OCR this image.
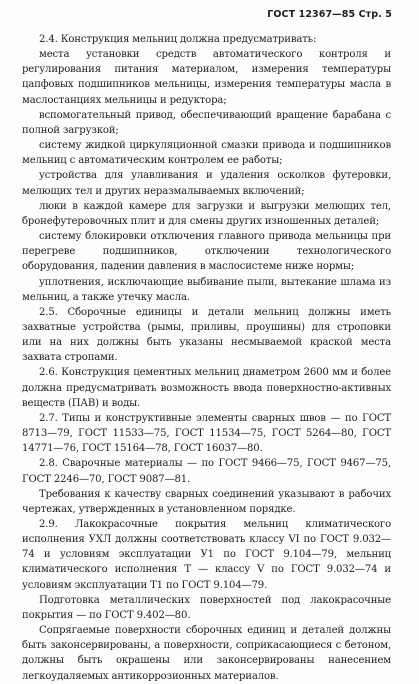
ГОСТ 12367—85 Стр. 5

2.4. Конструкция мельниц должна предусматривать:

места установки средств автоматического контроля и регулирования питания материалом, измерения температуры цапфовых подшипников мельницы, измерения температуры масла в маслостанциях мельницы и редуктора;

вспомогательный привод, обеспечивающий вращение барабана с полной загрузкой;

систему жидкой циркуляционной смазки привода и подшипников мельниц с автоматическим контролем ее работы;

устройства для улавливания и удаления осколков футеровки, мелющих тел и других неразмалываемых включений;

люки в каждой камере для загрузки и выгрузки мелющих тел, бронефутеровочных плит и для смены других изношенных деталей;

систему блокировки отключения главного привода мельницы при перегреве подшипников, отключении технологического оборудования, падении давления в маслосистеме ниже нормы;

уплотнения, исключающие выбивание пыли, вытекание шлама из мельниц, а также утечку масла.

2.5. Сборочные единицы и детали мельниц должны иметь захватные устройства (рымы, приливы, проушины) для строповки или на них должны быть указаны несмываемой краской места захвата стропами.

2.6. Конструкция цементных мельниц диаметром 2600 мм и более должна предусматривать возможность ввода поверхностно-активных веществ (ПАВ) и воды.

2.7. Типы и конструктивные элементы сварных швов — по ГОСТ 8713—79, ГОСТ 11533—75, ГОСТ 11534—75, ГОСТ 5264—80, ГОСТ 14771—76, ГОСТ 15164—78, ГОСТ 16037—80.

2.8. Сварочные материалы — по ГОСТ 9466—75, ГОСТ 9467—75, ГОСТ 2246—70, ГОСТ 9087—81.

Требования к качеству сварных соединений указывают в рабочих чертежах, утвержденных в установленном порядке.

2.9. Лакокрасочные покрытия мельниц климатического исполнения УХЛ должны соответствовать классу VI по ГОСТ 9.032—74 и условиям эксплуатации У1 по ГОСТ 9.104—79, мельниц климатического исполнения Т — классу V по ГОСТ 9.032—74 и условиям эксплуатации Т1 по ГОСТ 9.104—79.

Подготовка металлических поверхностей под лакокрасочные покрытия — по ГОСТ 9.402—80.

Сопрягаемые поверхности сборочных единиц и деталей должны быть законсервированы, а поверхности, соприкасающиеся с бетоном, должны быть окрашены или законсервированы нанесением легкоудаляемых антикоррозионных материалов.
